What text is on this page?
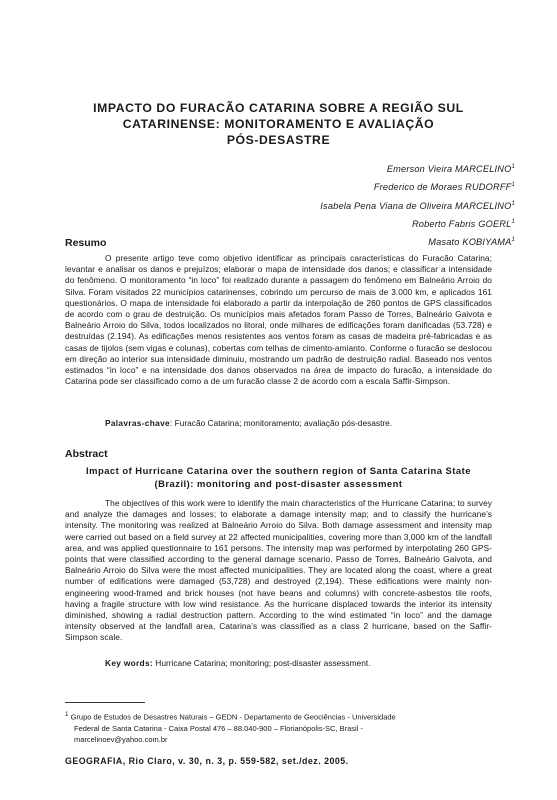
IMPACTO DO FURACÃO CATARINA SOBRE A REGIÃO SUL
CATARINENSE: MONITORAMENTO E AVALIAÇÃO
PÓS-DESASTRE
Emerson Vieira MARCELINO$^1$
Frederico de Moraes RUDORFF$^1$
Isabela Pena Viana de Oliveira MARCELINO$^1$
Roberto Fabris GOERL$^1$
Masato KOBIYAMA$^1$
Resumo
O presente artigo teve como objetivo identificar as principais características do Furacão Catarina; levantar e analisar os danos e prejuízos; elaborar o mapa de intensidade dos danos; e classificar a intensidade do fenômeno. O monitoramento “in loco” foi realizado durante a passagem do fenômeno em Balneário Arroio do Silva. Foram visitados 22 municípios catarinenses, cobrindo um percurso de mais de 3.000 km, e aplicados 161 questionários. O mapa de intensidade foi elaborado a partir da interpolação de 260 pontos de GPS classificados de acordo com o grau de destruição. Os municípios mais afetados foram Passo de Torres, Balneário Gaivota e Balneário Arroio do Silva, todos localizados no litoral, onde milhares de edificações foram danificadas (53.728) e destruídas (2.194). As edificações menos resistentes aos ventos foram as casas de madeira pré-fabricadas e as casas de tijolos (sem vigas e colunas), cobertas com telhas de cimento-amianto. Conforme o furacão se deslocou em direção ao interior sua intensidade diminuiu, mostrando um padrão de destruição radial. Baseado nos ventos estimados “in loco” e na intensidade dos danos observados na área de impacto do furacão, a intensidade do Catarina pode ser classificado como a de um furacão classe 2 de acordo com a escala Saffir-Simpson.
Palavras-chave: Furacão Catarina; monitoramento; avaliação pós-desastre.
Abstract
Impact of Hurricane Catarina over the southern region of Santa Catarina State (Brazil): monitoring and post-disaster assessment
The objectives of this work were to identify the main characteristics of the Hurricane Catarina; to survey and analyze the damages and losses; to elaborate a damage intensity map; and to classify the hurricane’s intensity. The monitoring was realized at Balneário Arroio do Silva. Both damage assessment and intensity map were carried out based on a field survey at 22 affected municipalities, covering more than 3,000 km of the landfall area, and was applied questionnaire to 161 persons. The intensity map was performed by interpolating 260 GPS-points that were classified according to the general damage scenario. Passo de Torres, Balneário Gaivota, and Balneário Arroio do Silva were the most affected municipalities. They are located along the coast, where a great number of edifications were damaged (53,728) and destroyed (2,194). These edifications were mainly non-engineering wood-framed and brick houses (not have beans and columns) with concrete-asbestos tile roofs, having a fragile structure with low wind resistance. As the hurricane displaced towards the interior its intensity diminished, showing a radial destruction pattern. According to the wind estimated “in loco” and the damage intensity observed at the landfall area, Catarina’s was classified as a class 2 hurricane, based on the Saffir-Simpson scale.
Key words: Hurricane Catarina; monitoring; post-disaster assessment.
$^1$ Grupo de Estudos de Desastres Naturais – GEDN - Departamento de Geociências - Universidade
Federal de Santa Catarina - Caixa Postal 476 – 88.040-900 – Florianópolis-SC, Brasil -
marcelinoev@yahoo.com.br
GEOGRAFIA, Rio Claro, v. 30, n. 3, p. 559-582, set./dez. 2005.
